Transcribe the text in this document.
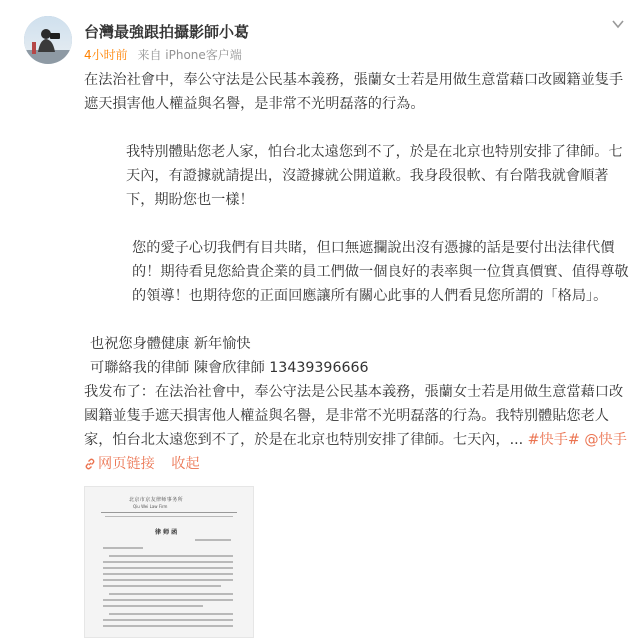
台灣最強跟拍攝影師小葛
4小时前 来自 iPhone客户端

在法治社會中，奉公守法是公民基本義務，張蘭女士若是用做生意當藉口改國籍並隻手遮天損害他人權益與名譽，是非常不光明磊落的行為。

我特別體貼您老人家，怕台北太遠您到不了，於是在北京也特別安排了律師。七天內，有證據就請提出，沒證據就公開道歉。我身段很軟、有台階我就會順著下，期盼您也一樣！

您的愛子心切我們有目共睹，但口無遮攔說出沒有憑據的話是要付出法律代價的！期待看見您給貴企業的員工們做一個良好的表率與一位貨真價實、值得尊敬的領導！也期待您的正面回應讓所有關心此事的人們看見您所謂的「格局」。

也祝您身體健康 新年愉快

可聯絡我的律師 陳會欣律師 13439396666

我发布了：在法治社會中，奉公守法是公民基本義務，張蘭女士若是用做生意當藉口改國籍並隻手遮天損害他人權益與名譽，是非常不光明磊落的行為。我特別體貼您老人家，怕台北太遠您到不了，於是在北京也特別安排了律師。七天內，... #快手# @快手

网页链接 收起
北京市京友律师事务所
Qiu Wei Law Firm
律 师 函
